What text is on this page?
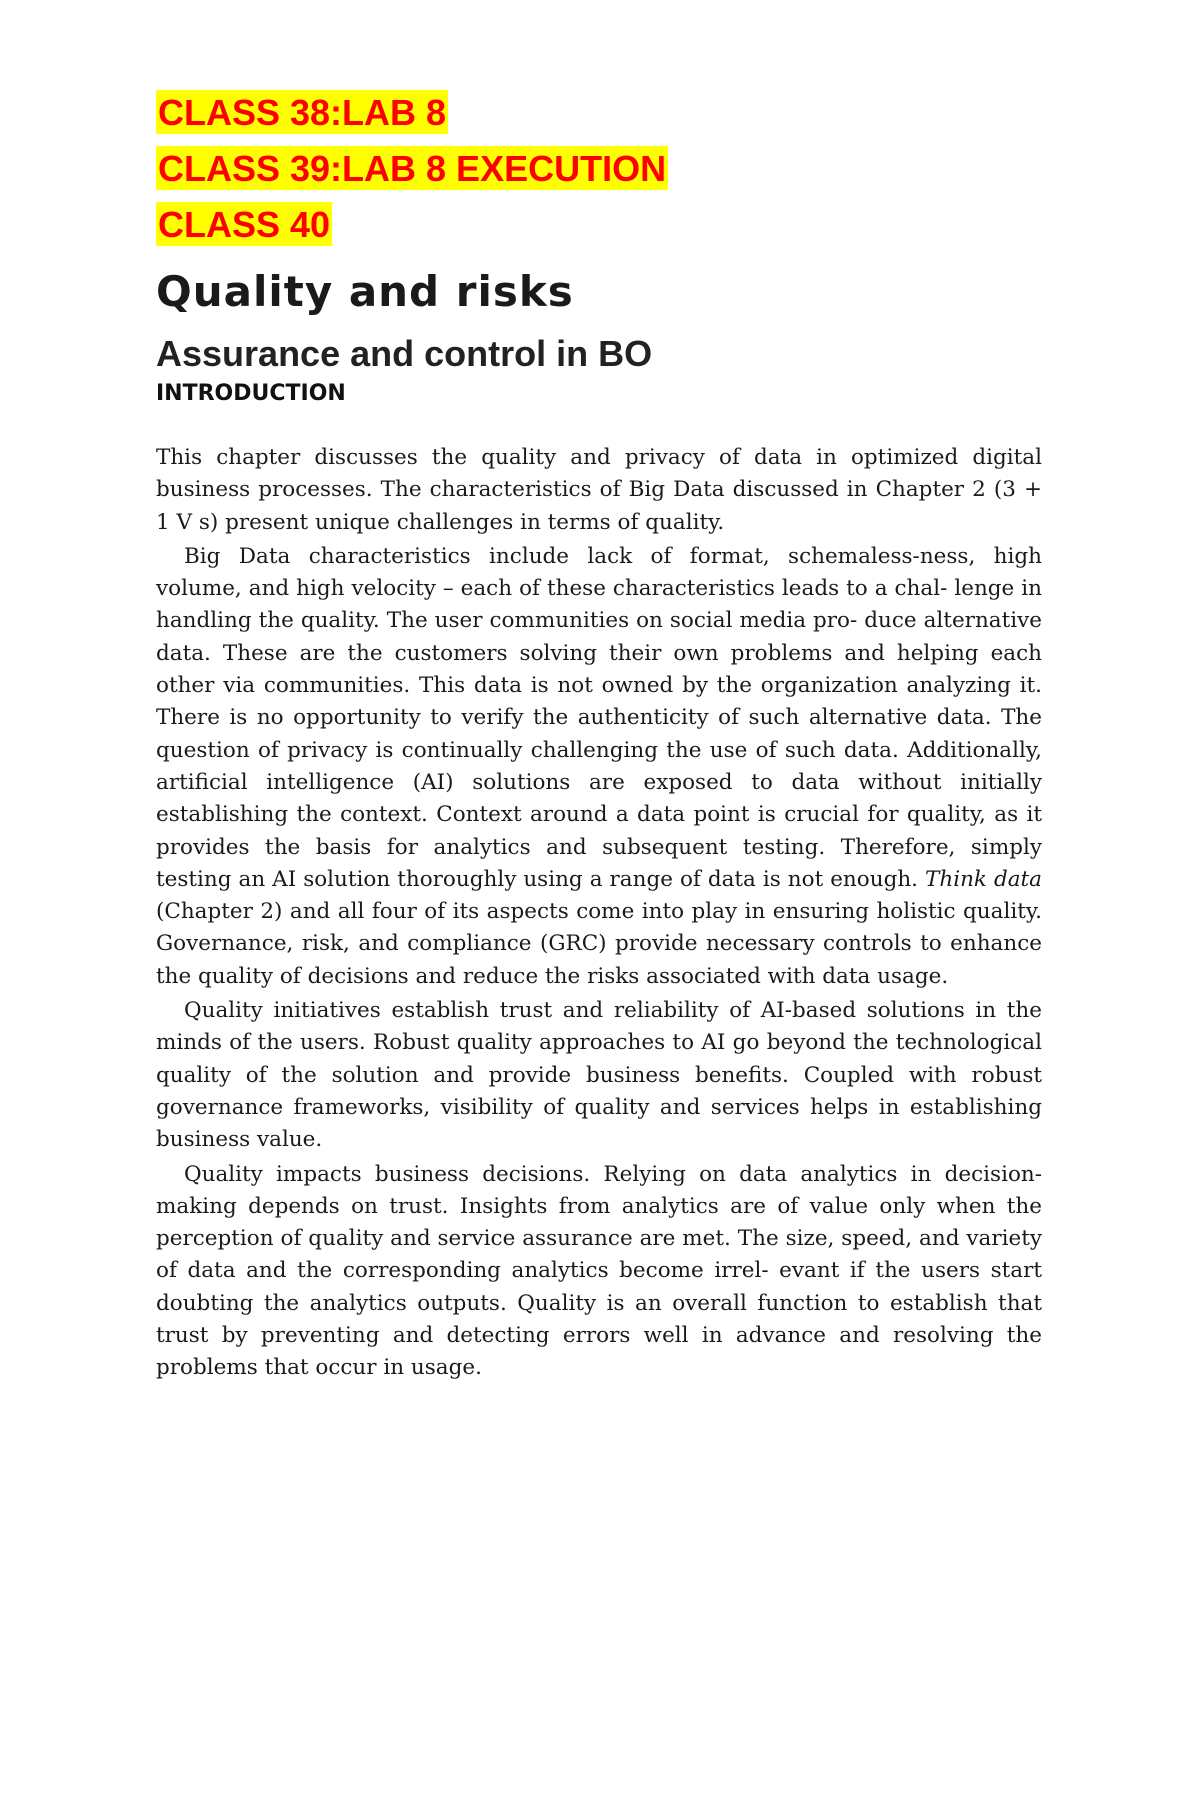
CLASS 38:LAB 8
CLASS 39:LAB 8 EXECUTION
CLASS 40
Quality and risks
Assurance and control in BO
INTRODUCTION

This chapter discusses the quality and privacy of data in optimized digital business processes. The characteristics of Big Data discussed in Chapter 2 (3 + 1 V s) present unique challenges in terms of quality.

Big Data characteristics include lack of format, schemaless-ness, high volume, and high velocity – each of these characteristics leads to a chal- lenge in handling the quality. The user communities on social media pro- duce alternative data. These are the customers solving their own problems and helping each other via communities. This data is not owned by the organization analyzing it. There is no opportunity to verify the authenticity of such alternative data. The question of privacy is continually challenging the use of such data. Additionally, artificial intelligence (AI) solutions are exposed to data without initially establishing the context. Context around a data point is crucial for quality, as it provides the basis for analytics and subsequent testing. Therefore, simply testing an AI solution thoroughly using a range of data is not enough. Think data (Chapter 2) and all four of its aspects come into play in ensuring holistic quality. Governance, risk, and compliance (GRC) provide necessary controls to enhance the quality of decisions and reduce the risks associated with data usage.

Quality initiatives establish trust and reliability of AI-based solutions in the minds of the users. Robust quality approaches to AI go beyond the technological quality of the solution and provide business benefits. Coupled with robust governance frameworks, visibility of quality and services helps in establishing business value.

Quality impacts business decisions. Relying on data analytics in decision-making depends on trust. Insights from analytics are of value only when the perception of quality and service assurance are met. The size, speed, and variety of data and the corresponding analytics become irrel- evant if the users start doubting the analytics outputs. Quality is an overall function to establish that trust by preventing and detecting errors well in advance and resolving the problems that occur in usage.
